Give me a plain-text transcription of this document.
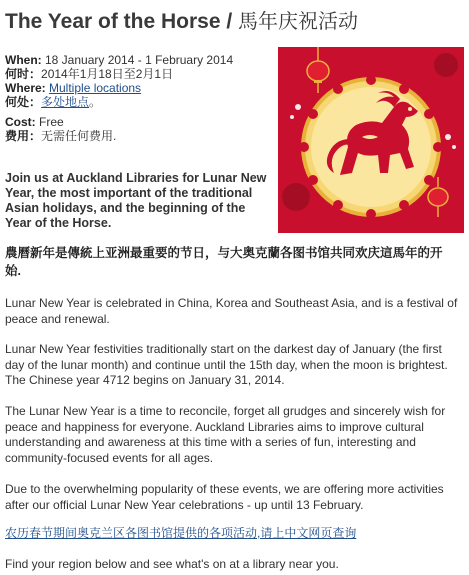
The Year of the Horse / 馬年庆祝活动
When: 18 January 2014 - 1 February 2014
何时：2014年1月18日至2月1日
Where: Multiple locations
何处：多处地点。
Cost: Free
费用：无需任何费用.
Join us at Auckland Libraries for Lunar New Year, the most important of the traditional Asian holidays, and the beginning of the Year of the Horse.
農曆新年是傳統上亚洲最重要的节日，与大奥克蘭各图书馆共同欢庆這馬年的开始.

Lunar New Year is celebrated in China, Korea and Southeast Asia, and is a festival of peace and renewal.

Lunar New Year festivities traditionally start on the darkest day of January (the first day of the lunar month) and continue until the 15th day, when the moon is brightest. The Chinese year 4712 begins on January 31, 2014.

The Lunar New Year is a time to reconcile, forget all grudges and sincerely wish for peace and happiness for everyone. Auckland Libraries aims to improve cultural understanding and awareness at this time with a series of fun, interesting and community-focused events for all ages.

Due to the overwhelming popularity of these events, we are offering more activities after our official Lunar New Year celebrations - up until 13 February.

农历春节期间奥克兰区各图书馆提供的各项活动,请上中文网页查询

Find your region below and see what's on at a library near you.
